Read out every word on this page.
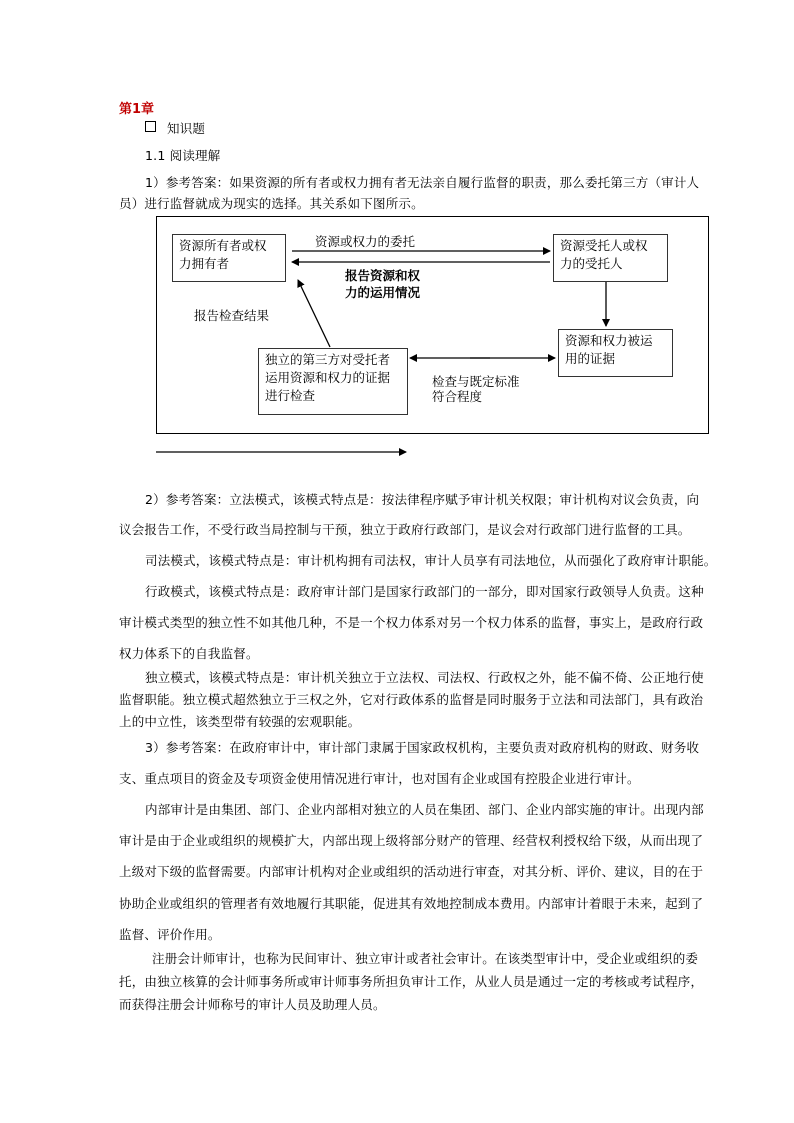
第1章
知识题
1.1 阅读理解
1）参考答案：如果资源的所有者或权力拥有者无法亲自履行监督的职责，那么委托第三方（审计人
员）进行监督就成为现实的选择。其关系如下图所示。
资源所有者或权
力拥有者
资源受托人或权
力的受托人
资源和权力被运
用的证据
独立的第三方对受托者
运用资源和权力的证据
进行检查
资源或权力的委托
报告资源和权
力的运用情况
报告检查结果
检查与既定标准
符合程度
2）参考答案：立法模式，该模式特点是：按法律程序赋予审计机关权限；审计机构对议会负责，向
议会报告工作，不受行政当局控制与干预，独立于政府行政部门，是议会对行政部门进行监督的工具。
司法模式，该模式特点是：审计机构拥有司法权，审计人员享有司法地位，从而强化了政府审计职能。
行政模式，该模式特点是：政府审计部门是国家行政部门的一部分，即对国家行政领导人负责。这种
审计模式类型的独立性不如其他几种，不是一个权力体系对另一个权力体系的监督，事实上，是政府行政
权力体系下的自我监督。
独立模式，该模式特点是：审计机关独立于立法权、司法权、行政权之外，能不偏不倚、公正地行使
监督职能。独立模式超然独立于三权之外，它对行政体系的监督是同时服务于立法和司法部门，具有政治
上的中立性，该类型带有较强的宏观职能。
3）参考答案：在政府审计中，审计部门隶属于国家政权机构，主要负责对政府机构的财政、财务收
支、重点项目的资金及专项资金使用情况进行审计，也对国有企业或国有控股企业进行审计。
内部审计是由集团、部门、企业内部相对独立的人员在集团、部门、企业内部实施的审计。出现内部
审计是由于企业或组织的规模扩大，内部出现上级将部分财产的管理、经营权利授权给下级，从而出现了
上级对下级的监督需要。内部审计机构对企业或组织的活动进行审查，对其分析、评价、建议，目的在于
协助企业或组织的管理者有效地履行其职能，促进其有效地控制成本费用。内部审计着眼于未来，起到了
监督、评价作用。
注册会计师审计，也称为民间审计、独立审计或者社会审计。在该类型审计中，受企业或组织的委
托，由独立核算的会计师事务所或审计师事务所担负审计工作，从业人员是通过一定的考核或考试程序，
而获得注册会计师称号的审计人员及助理人员。
